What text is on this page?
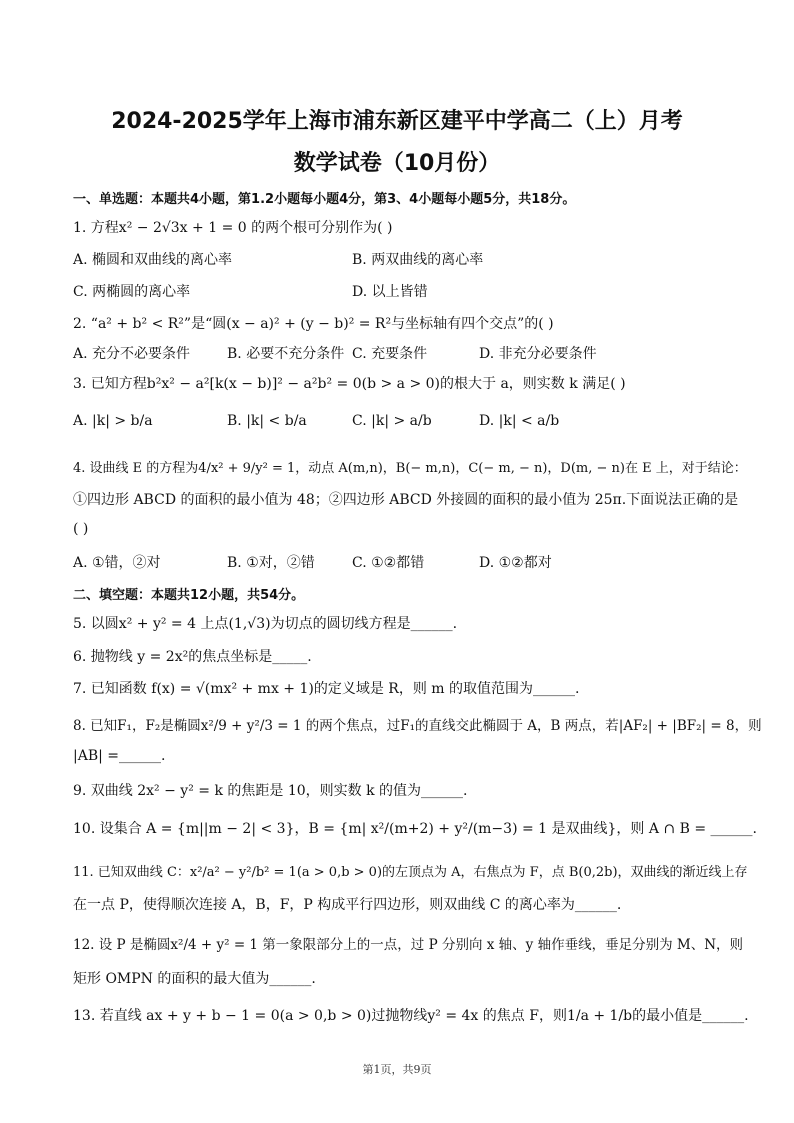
2024-2025学年上海市浦东新区建平中学高二（上）月考
数学试卷（10月份）
一、单选题：本题共4小题，第1.2小题每小题4分，第3、4小题每小题5分，共18分。
1. 方程x² − 2√3x + 1 = 0 的两个根可分别作为( )
A. 椭圆和双曲线的离心率	B. 两双曲线的离心率
C. 两椭圆的离心率	D. 以上皆错
2. “a² + b² < R²”是“圆(x − a)² + (y − b)² = R²与坐标轴有四个交点”的( )
A. 充分不必要条件	B. 必要不充分条件 C. 充要条件	D. 非充分必要条件
3. 已知方程b²x² − a²[k(x − b)]² − a²b² = 0(b > a > 0)的根大于 a，则实数 k 满足( )
A. |k| > b/a	B. |k| < b/a	C. |k| > a/b	D. |k| < a/b
4. 设曲线 E 的方程为4/x² + 9/y² = 1，动点 A(m,n)，B(− m,n)，C(− m, − n)，D(m, − n)在 E 上，对于结论：
①四边形 ABCD 的面积的最小值为 48；②四边形 ABCD 外接圆的面积的最小值为 25π.下面说法正确的是
( )
A. ①错，②对	B. ①对，②错	C. ①②都错	D. ①②都对
二、填空题：本题共12小题，共54分。
5. 以圆x² + y² = 4 上点(1,√3)为切点的圆切线方程是______.
6. 抛物线 y = 2x²的焦点坐标是_____.
7. 已知函数 f(x) = √(mx² + mx + 1)的定义域是 R，则 m 的取值范围为______.
8. 已知F₁，F₂是椭圆x²/9 + y²/3 = 1 的两个焦点，过F₁的直线交此椭圆于 A，B 两点，若|AF₂| + |BF₂| = 8，则
|AB| =______.
9. 双曲线 2x² − y² = k 的焦距是 10，则实数 k 的值为______.
10. 设集合 A = {m||m − 2| < 3}，B = {m| x²/(m+2) + y²/(m−3) = 1 是双曲线}，则 A ∩ B = ______.
11. 已知双曲线 C：x²/a² − y²/b² = 1(a > 0,b > 0)的左顶点为 A，右焦点为 F，点 B(0,2b)，双曲线的渐近线上存
在一点 P，使得顺次连接 A，B，F，P 构成平行四边形，则双曲线 C 的离心率为______.
12. 设 P 是椭圆x²/4 + y² = 1 第一象限部分上的一点，过 P 分别向 x 轴、y 轴作垂线，垂足分别为 M、N，则
矩形 OMPN 的面积的最大值为______.
13. 若直线 ax + y + b − 1 = 0(a > 0,b > 0)过抛物线y² = 4x 的焦点 F，则1/a + 1/b的最小值是______.
第1页，共9页
